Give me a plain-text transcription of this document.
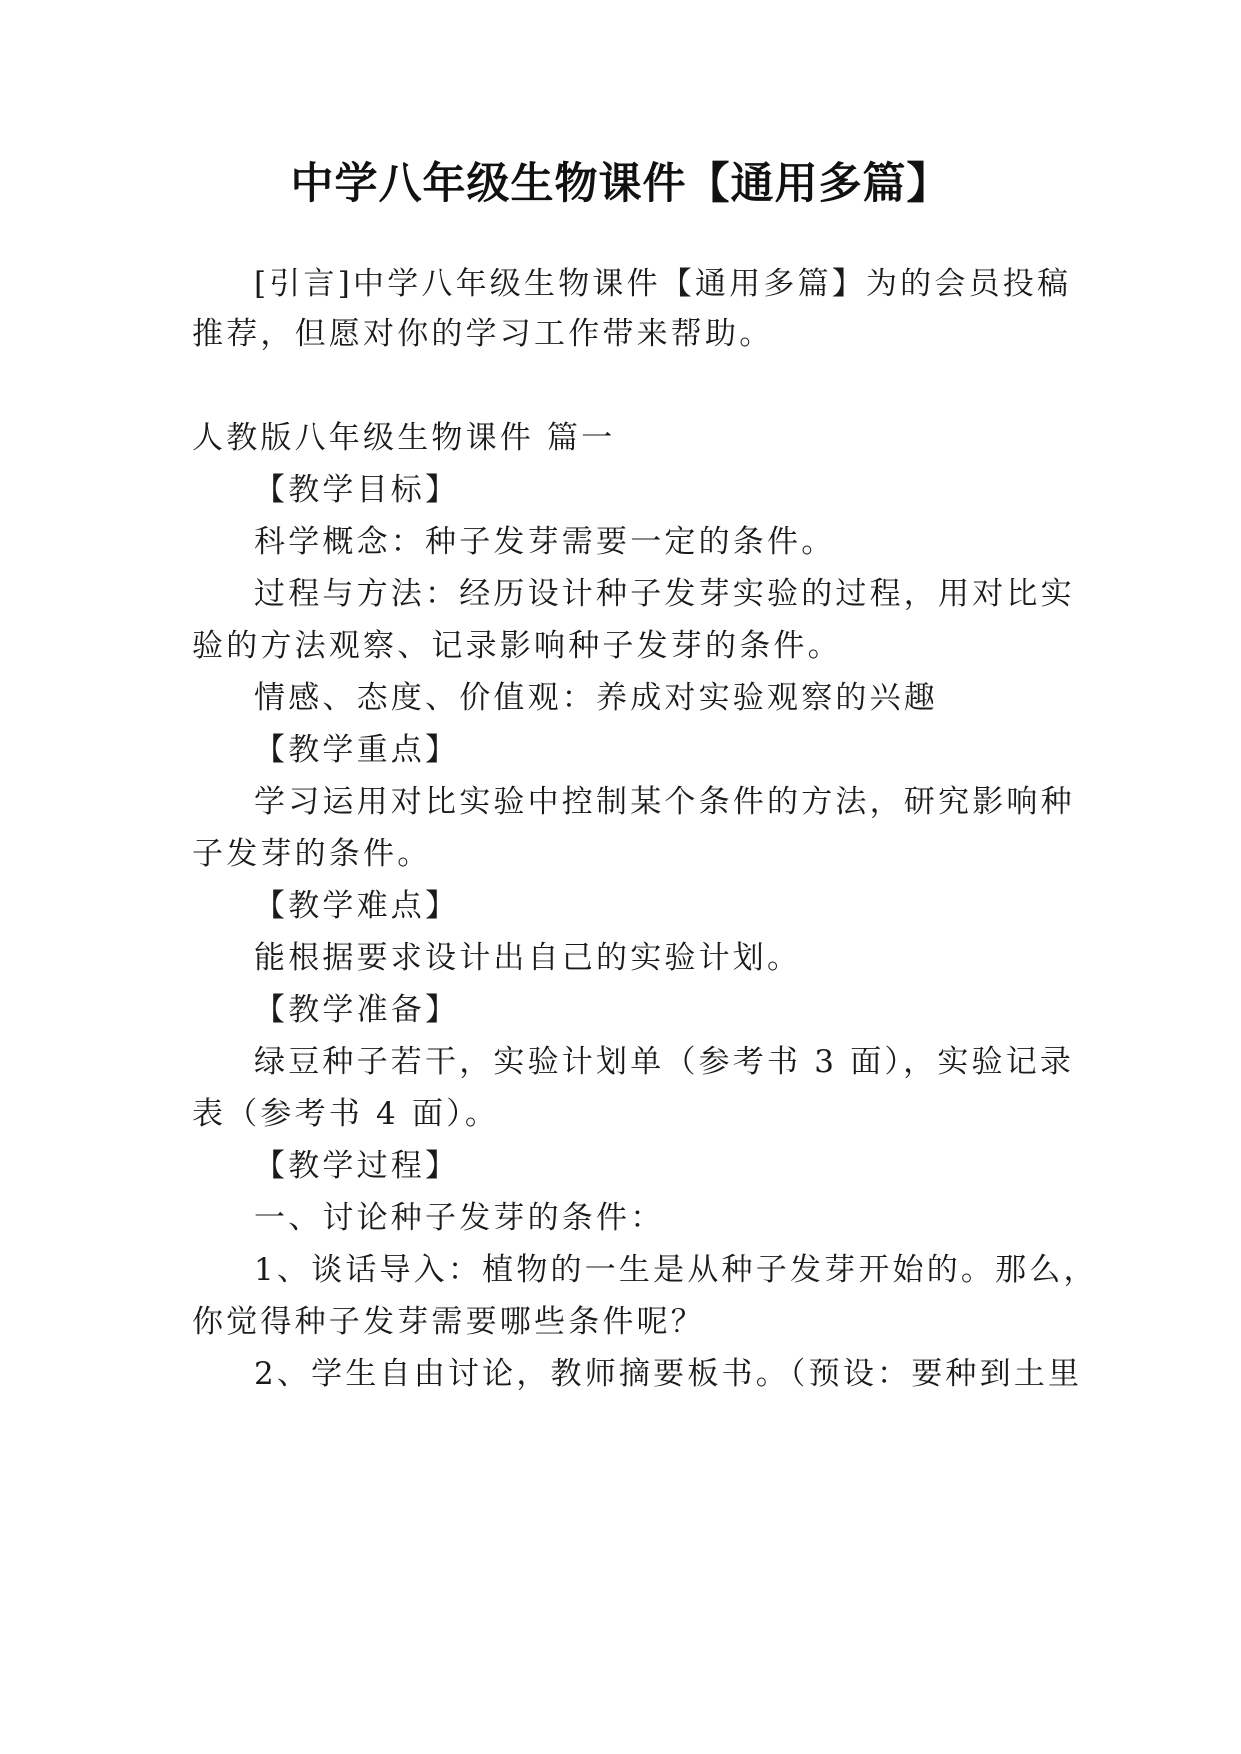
中学八年级生物课件【通用多篇】
[引言]中学八年级生物课件【通用多篇】为的会员投稿
推荐，但愿对你的学习工作带来帮助。
人教版八年级生物课件 篇一
【教学目标】
科学概念：种子发芽需要一定的条件。
过程与方法：经历设计种子发芽实验的过程，用对比实
验的方法观察、记录影响种子发芽的条件。
情感、态度、价值观：养成对实验观察的兴趣
【教学重点】
学习运用对比实验中控制某个条件的方法，研究影响种
子发芽的条件。
【教学难点】
能根据要求设计出自己的实验计划。
【教学准备】
绿豆种子若干，实验计划单（参考书 3 面），实验记录
表（参考书 4 面）。
【教学过程】
一、讨论种子发芽的条件：
1、谈话导入：植物的一生是从种子发芽开始的。那么，
你觉得种子发芽需要哪些条件呢？
2、学生自由讨论，教师摘要板书。（预设：要种到土里
